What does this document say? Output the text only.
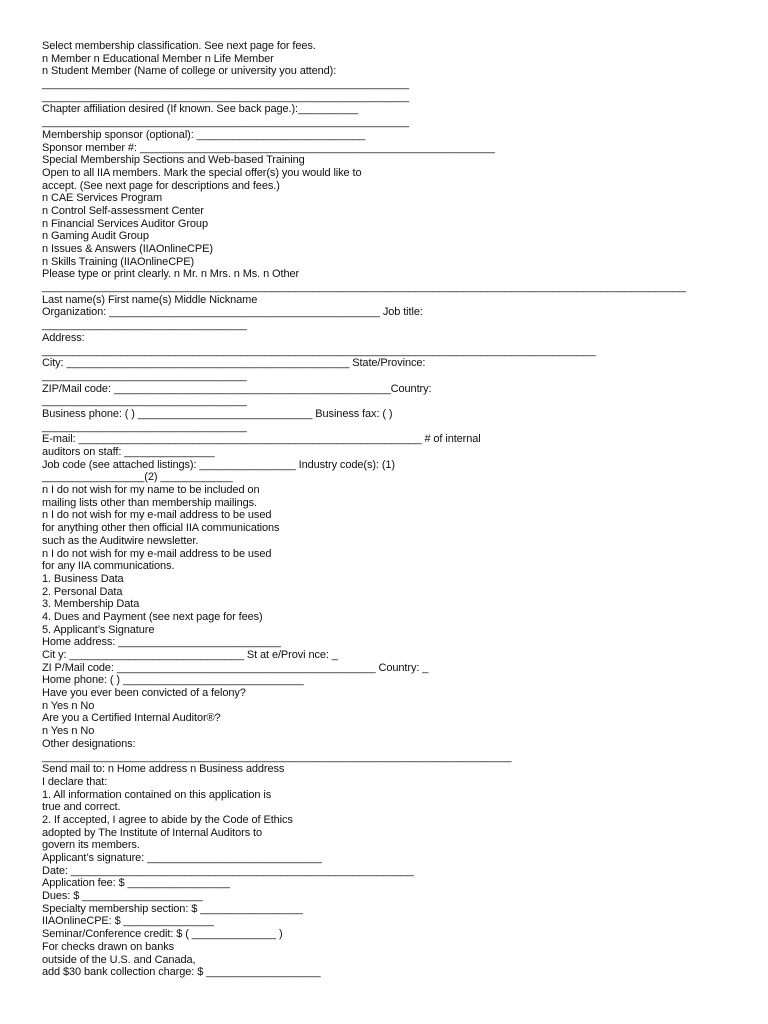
Select membership classification. See next page for fees.
n Member n Educational Member n Life Member
n Student Member (Name of college or university you attend):
_____________________________________________________________
_____________________________________________________________
Chapter affiliation desired (If known. See back page.):__________
_____________________________________________________________
Membership sponsor (optional): ____________________________
Sponsor member #: ___________________________________________________________
Special Membership Sections and Web-based Training
Open to all IIA members. Mark the special offer(s) you would like to
accept. (See next page for descriptions and fees.)
n CAE Services Program
n Control Self-assessment Center
n Financial Services Auditor Group
n Gaming Audit Group
n Issues & Answers (IIAOnlineCPE)
n Skills Training (IIAOnlineCPE)
Please type or print clearly. n Mr. n Mrs. n Ms. n Other
___________________________________________________________________________________________________________
Last name(s) First name(s) Middle Nickname
Organization: _____________________________________________ Job title:
__________________________________
Address:
____________________________________________________________________________________________
City: _______________________________________________ State/Province:
__________________________________
ZIP/Mail code: ______________________________________________Country:
__________________________________
Business phone: ( ) _____________________________ Business fax: ( )
__________________________________
E-mail: _________________________________________________________ # of internal
auditors on staff: _______________
Job code (see attached listings): ________________ Industry code(s): (1)
_________________(2) ____________
n I do not wish for my name to be included on
mailing lists other than membership mailings.
n I do not wish for my e-mail address to be used
for anything other then official IIA communications
such as the Auditwire newsletter.
n I do not wish for my e-mail address to be used
for any IIA communications.
1. Business Data
2. Personal Data
3. Membership Data
4. Dues and Payment (see next page for fees)
5. Applicant’s Signature
Home address: ___________________________
Cit y: _____________________________ St at e/Provi nce: _
ZI P/Mail code: ___________________________________________ Country: _
Home phone: ( ) ______________________________
Have you ever been convicted of a felony?
n Yes n No
Are you a Certified Internal Auditor®?
n Yes n No
Other designations:
______________________________________________________________________________
Send mail to: n Home address n Business address
I declare that:
1. All information contained on this application is
true and correct.
2. If accepted, I agree to abide by the Code of Ethics
adopted by The Institute of Internal Auditors to
govern its members.
Applicant’s signature: _____________________________
Date: _________________________________________________________
Application fee: $ _________________
Dues: $ ____________________
Specialty membership section: $ _________________
IIAOnlineCPE: $ _______________
Seminar/Conference credit: $ ( ______________ )
For checks drawn on banks
outside of the U.S. and Canada,
add $30 bank collection charge: $ ___________________
